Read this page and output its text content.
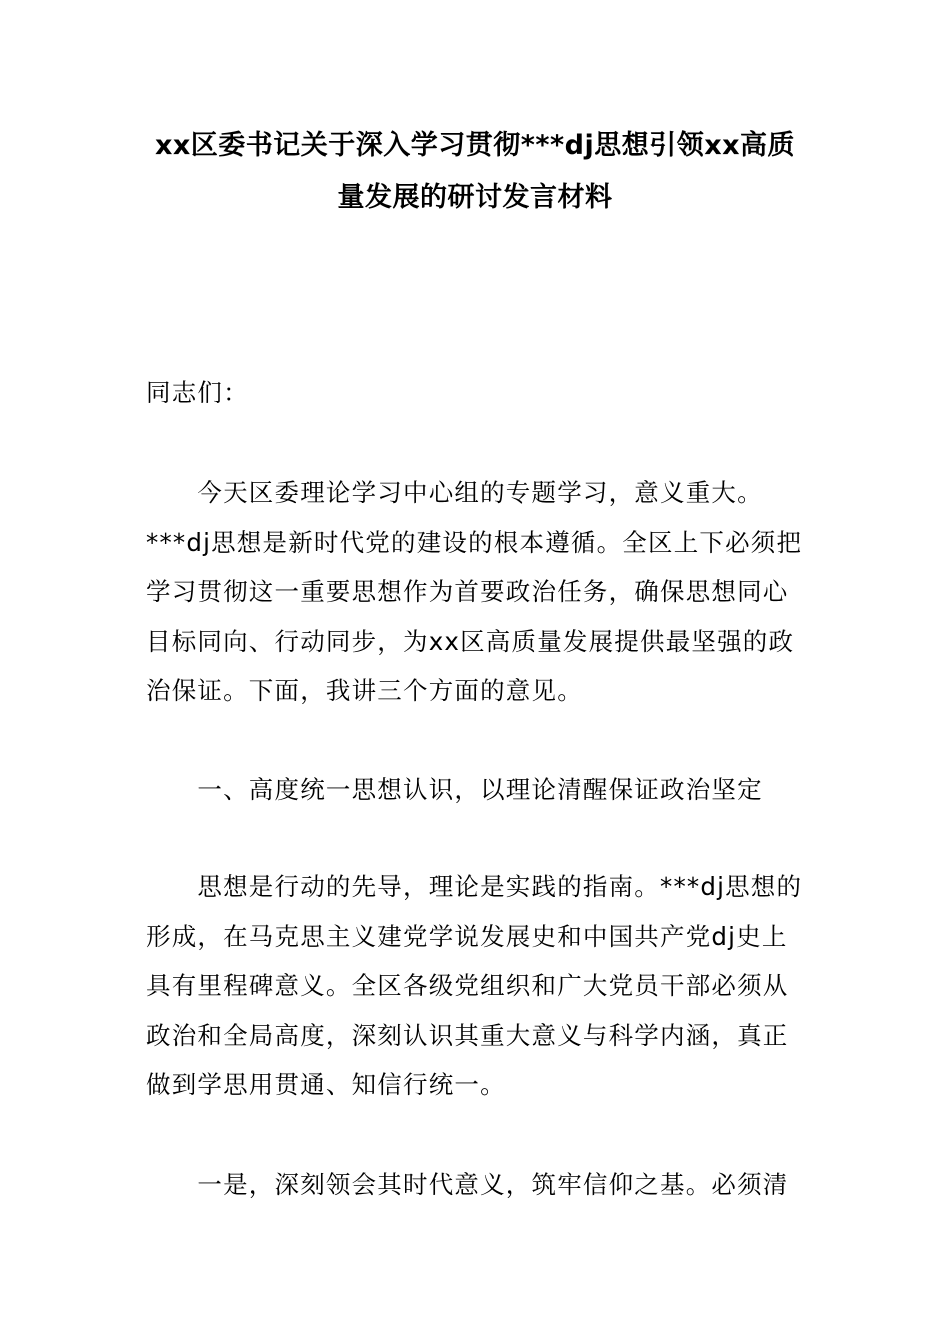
xx区委书记关于深入学习贯彻***dj思想引领xx高质
量发展的研讨发言材料

同志们：

　　今天区委理论学习中心组的专题学习，意义重大。
***dj思想是新时代党的建设的根本遵循。全区上下必须把
学习贯彻这一重要思想作为首要政治任务，确保思想同心
目标同向、行动同步，为xx区高质量发展提供最坚强的政
治保证。下面，我讲三个方面的意见。

　　一、高度统一思想认识，以理论清醒保证政治坚定

　　思想是行动的先导，理论是实践的指南。***dj思想的
形成，在马克思主义建党学说发展史和中国共产党dj史上
具有里程碑意义。全区各级党组织和广大党员干部必须从
政治和全局高度，深刻认识其重大意义与科学内涵，真正
做到学思用贯通、知信行统一。

　　一是，深刻领会其时代意义，筑牢信仰之基。必须清
